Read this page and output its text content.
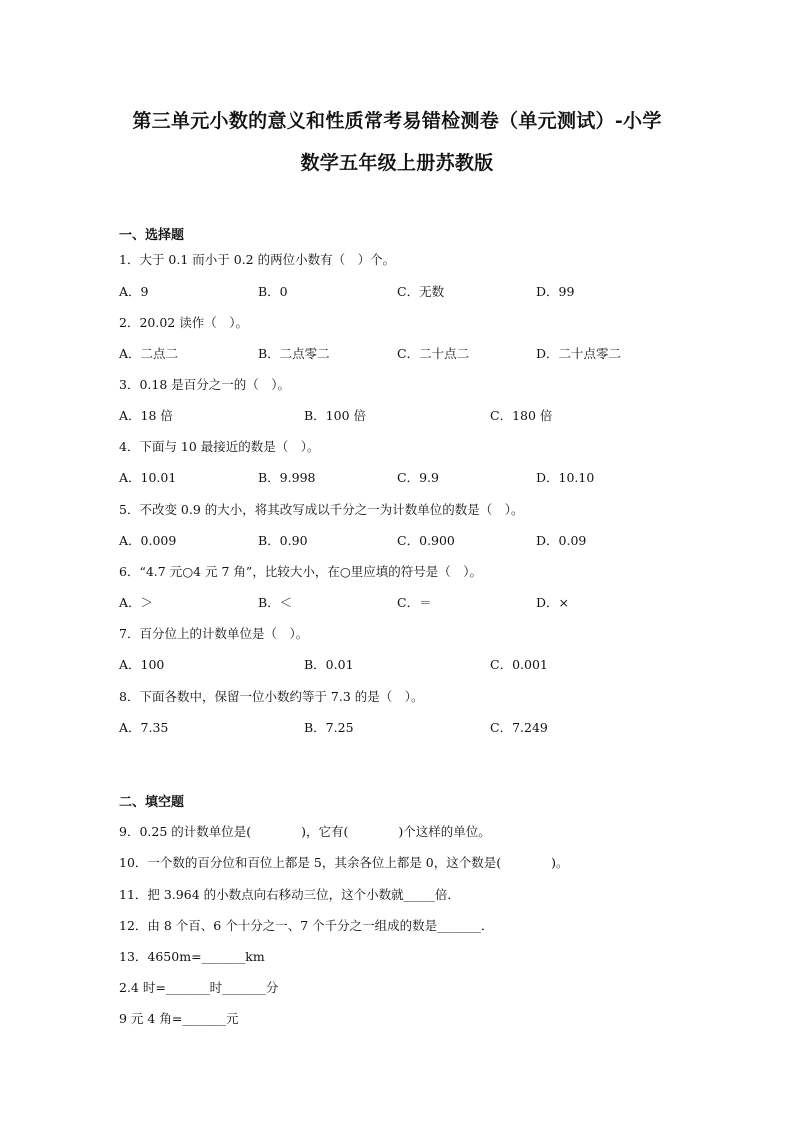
第三单元小数的意义和性质常考易错检测卷（单元测试）-小学
数学五年级上册苏教版
一、选择题
1．大于 0.1 而小于 0.2 的两位小数有（　）个。
A．9	B．0	C．无数	D．99
2．20.02 读作（　）。
A．二点二	B．二点零二	C．二十点二	D．二十点零二
3．0.18 是百分之一的（　）。
A．18 倍	B．100 倍	C．180 倍
4．下面与 10 最接近的数是（　）。
A．10.01	B．9.998	C．9.9	D．10.10
5．不改变 0.9 的大小，将其改写成以千分之一为计数单位的数是（　）。
A．0.009	B．0.90	C．0.900	D．0.09
6．“4.7 元○4 元 7 角”，比较大小，在○里应填的符号是（　）。
A．＞	B．＜	C．＝	D．×
7．百分位上的计数单位是（　）。
A．100	B．0.01	C．0.001
8．下面各数中，保留一位小数约等于 7.3 的是（　）。
A．7.35	B．7.25	C．7.249
二、填空题
9．0.25 的计数单位是(　　　　)，它有(　　　　)个这样的单位。
10．一个数的百分位和百位上都是 5，其余各位上都是 0，这个数是(　　　　)。
11．把 3.964 的小数点向右移动三位，这个小数就_____倍．
12．由 8 个百、6 个十分之一、7 个千分之一组成的数是_______．
13．4650m=_______km
2.4 时=_______时_______分
9 元 4 角=_______元
